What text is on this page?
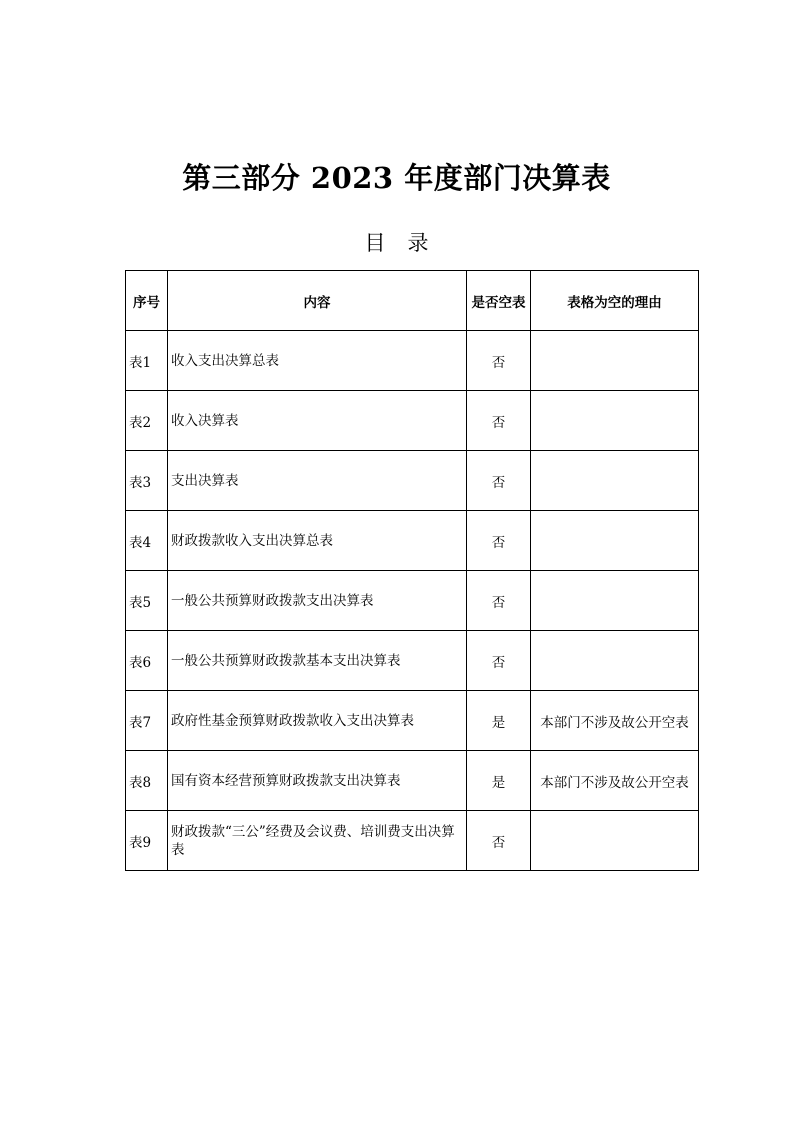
第三部分 2023 年度部门决算表
目录
序号	内容	是否空表	表格为空的理由
表1	收入支出决算总表	否	
表2	收入决算表	否	
表3	支出决算表	否	
表4	财政拨款收入支出决算总表	否	
表5	一般公共预算财政拨款支出决算表	否	
表6	一般公共预算财政拨款基本支出决算表	否	
表7	政府性基金预算财政拨款收入支出决算表	是	本部门不涉及故公开空表
表8	国有资本经营预算财政拨款支出决算表	是	本部门不涉及故公开空表
表9	财政拨款“三公”经费及会议费、培训费支出决算表	否	
